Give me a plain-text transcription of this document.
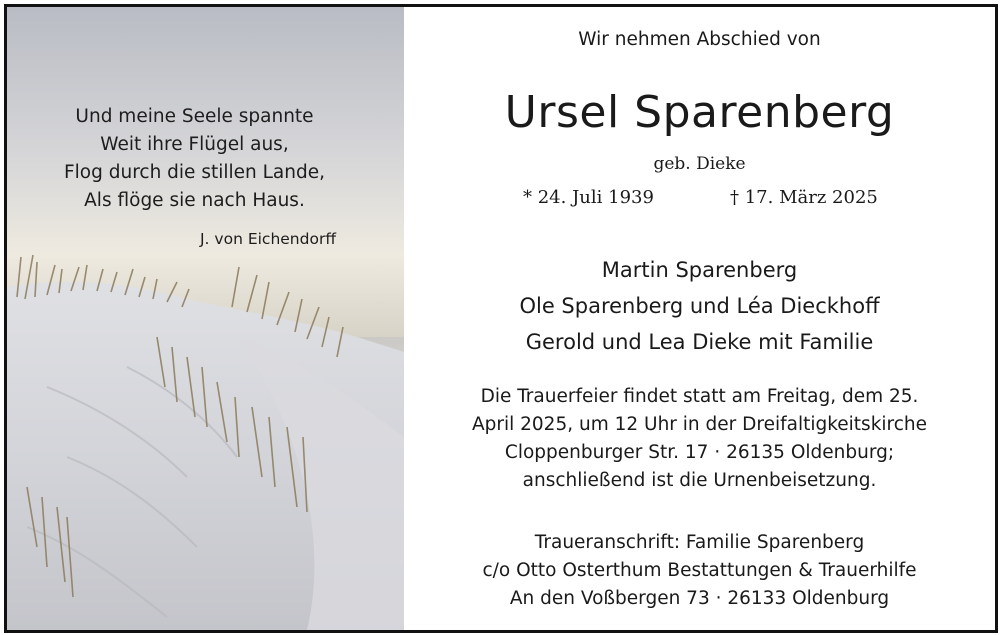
Und meine Seele spannte
Weit ihre Flügel aus,
Flog durch die stillen Lande,
Als flöge sie nach Haus.
J. von Eichendorff
Wir nehmen Abschied von
Ursel Sparenberg
geb. Dieke
* 24. Juli 1939	† 17. März 2025
Martin Sparenberg
Ole Sparenberg und Léa Dieckhoff
Gerold und Lea Dieke mit Familie
Die Trauerfeier findet statt am Freitag, dem 25.
April 2025, um 12 Uhr in der Dreifaltigkeitskirche
Cloppenburger Str. 17 · 26135 Oldenburg;
anschließend ist die Urnenbeisetzung.
Traueranschrift: Familie Sparenberg
c/o Otto Osterthum Bestattungen & Trauerhilfe
An den Voßbergen 73 · 26133 Oldenburg
